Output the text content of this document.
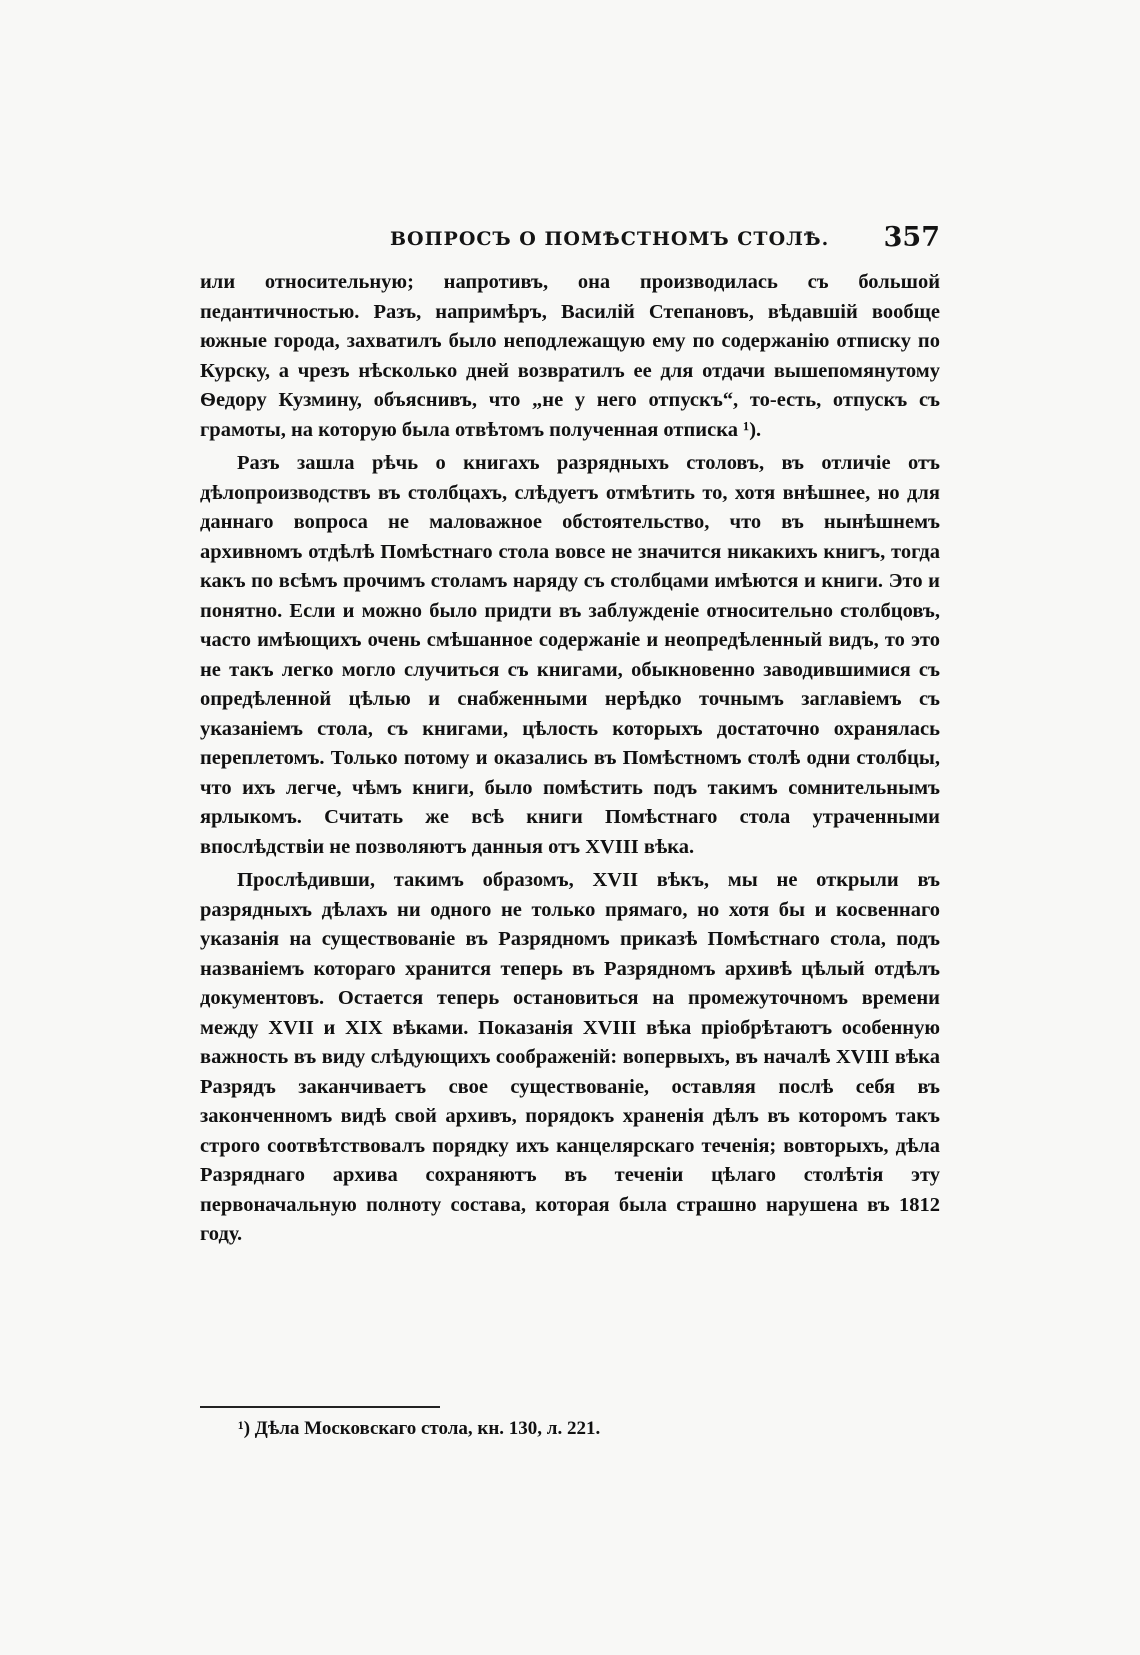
ВОПРОСЪ О ПОМѢСТНОМЪ СТОЛѢ. 357

или относительную; напротивъ, она производилась съ большой педантичностью. Разъ, напримѣръ, Василій Степановъ, вѣдавшій вообще южные города, захватилъ было неподлежащую ему по содержанію отписку по Курску, а чрезъ нѣсколько дней возвратилъ ее для отдачи вышепомянутому Ѳедору Кузмину, объяснивъ, что „не у него отпускъ“, то-есть, отпускъ съ грамоты, на которую была отвѣтомъ полученная отписка ¹).

Разъ зашла рѣчь о книгахъ разрядныхъ столовъ, въ отличіе отъ дѣлопроизводствъ въ столбцахъ, слѣдуетъ отмѣтить то, хотя внѣшнее, но для даннаго вопроса не маловажное обстоятельство, что въ нынѣшнемъ архивномъ отдѣлѣ Помѣстнаго стола вовсе не значится никакихъ книгъ, тогда какъ по всѣмъ прочимъ столамъ наряду съ столбцами имѣются и книги. Это и понятно. Если и можно было придти въ заблужденіе относительно столбцовъ, часто имѣющихъ очень смѣшанное содержаніе и неопредѣленный видъ, то это не такъ легко могло случиться съ книгами, обыкновенно заводившимися съ опредѣленной цѣлью и снабженными нерѣдко точнымъ заглавіемъ съ указаніемъ стола, съ книгами, цѣлость которыхъ достаточно охранялась переплетомъ. Только потому и оказались въ Помѣстномъ столѣ одни столбцы, что ихъ легче, чѣмъ книги, было помѣстить подъ такимъ сомнительнымъ ярлыкомъ. Считать же всѣ книги Помѣстнаго стола утраченными впослѣдствіи не позволяютъ данныя отъ XVIII вѣка.

Прослѣдивши, такимъ образомъ, XVII вѣкъ, мы не открыли въ разрядныхъ дѣлахъ ни одного не только прямаго, но хотя бы и косвеннаго указанія на существованіе въ Разрядномъ приказѣ Помѣстнаго стола, подъ названіемъ котораго хранится теперь въ Разрядномъ архивѣ цѣлый отдѣлъ документовъ. Остается теперь остановиться на промежуточномъ времени между XVII и XIX вѣками. Показанія XVIII вѣка пріобрѣтаютъ особенную важность въ виду слѣдующихъ соображеній: вопервыхъ, въ началѣ XVIII вѣка Разрядъ заканчиваетъ свое существованіе, оставляя послѣ себя въ законченномъ видѣ свой архивъ, порядокъ храненія дѣлъ въ которомъ такъ строго соотвѣтствовалъ порядку ихъ канцелярскаго теченія; вовторыхъ, дѣла Разряднаго архива сохраняютъ въ теченіи цѣлаго столѣтія эту первоначальную полноту состава, которая была страшно нарушена въ 1812 году.

¹) Дѣла Московскаго стола, кн. 130, л. 221.
